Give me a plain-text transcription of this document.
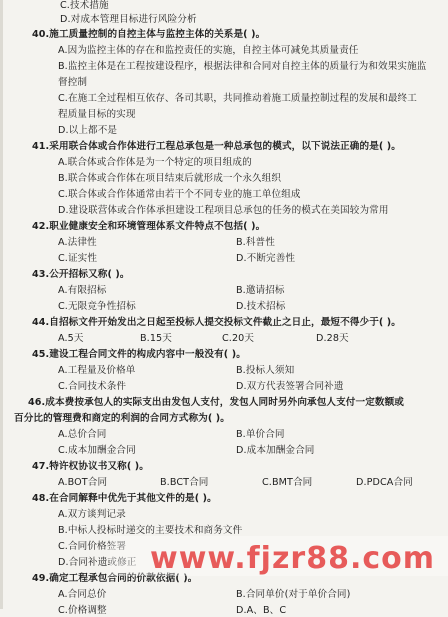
C.技术措施
D.对成本管理目标进行风险分析
40.施工质量控制的自控主体与监控主体的关系是( )。
A.因为监控主体的存在和监控责任的实施，自控主体可减免其质量责任
B.监控主体是在工程按建设程序，根据法律和合同对自控主体的质量行为和效果实施监
督控制
C.在施工全过程相互依存、各司其职，共同推动着施工质量控制过程的发展和最终工
程质量目标的实现
D.以上都不是
41.采用联合体或合作体进行工程总承包是一种总承包的模式，以下说法正确的是( )。
A.联合体或合作体是为一个特定的项目组成的
B.联合体或合作体在项目结束后就形成一个永久组织
C.联合体或合作体通常由若干个不同专业的施工单位组成
D.建设联营体或合作体承担建设工程项目总承包的任务的模式在美国较为常用
42.职业健康安全和环境管理体系文件特点不包括( )。
A.法律性	B.科普性
C.证实性	D.不断完善性
43.公开招标又称( )。
A.有限招标	B.邀请招标
C.无限竞争性招标	D.技术招标
44.自招标文件开始发出之日起至投标人提交投标文件截止之日止，最短不得少于( )。
A.5天	B.15天	C.20天	D.28天
45.建设工程合同文件的构成内容中一般没有( )。
A.工程量及价格单	B.投标人须知
C.合同技术条件	D.双方代表签署合同补遗
46.成本费按承包人的实际支出由发包人支付，发包人同时另外向承包人支付一定数额或
百分比的管理费和商定的利润的合同方式称为( )。
A.总价合同	B.单价合同
C.成本加酬金合同	D.成本加酬金合同
47.特许权协议书又称( )。
A.BOT合同	B.BCT合同	C.BMT合同	D.PDCA合同
48.在合同解释中优先于其他文件的是( )。
A.双方谈判记录
B.中标人投标时递交的主要技术和商务文件
C.合同价格签署
D.合同补遗或修正
49.确定工程承包合同的价款依据( )。
A.合同总价	B.合同单价(对于单价合同)
C.价格调整	D.A、B、C
www.fjzr88.com
